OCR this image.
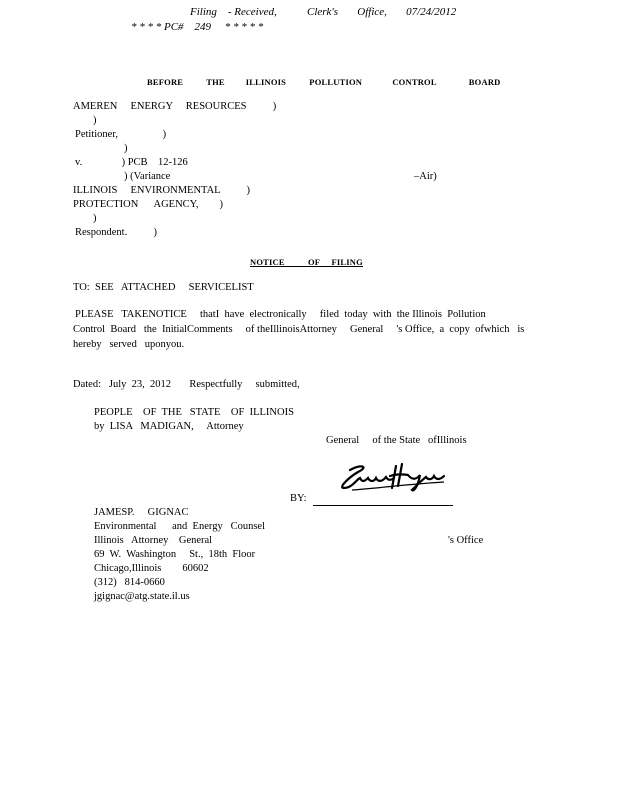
Filing    - Received,           Clerk's       Office,       07/24/2012
* * * * PC#    249     * * * * *
BEFORE          THE         ILLINOIS          POLLUTION             CONTROL              BOARD
AMEREN     ENERGY     RESOURCES          )
)
Petitioner,                 )
)
v.               ) PCB    12-126
) (Variance	–Air)
ILLINOIS     ENVIRONMENTAL          )
PROTECTION      AGENCY,        )
)
Respondent.          )
NOTICE          OF     FILING
TO:  SEE   ATTACHED     SERVICELIST
PLEASE   TAKENOTICE     thatI  have  electronically     filed  today  with  the Illinois  Pollution
Control  Board   the  InitialComments     of theIllinoisAttorney     General     's Office,  a  copy  ofwhich   is
hereby   served   uponyou.
Dated:   July  23,  2012       Respectfully     submitted,
PEOPLE    OF  THE   STATE    OF  ILLINOIS
by  LISA   MADIGAN,     Attorney
General     of the State   ofIllinois
BY:
JAMESP.     GIGNAC
Environmental      and  Energy   Counsel
Illinois   Attorney    General	's Office
69  W.  Washington     St.,  18th  Floor
Chicago,Illinois        60602
(312)   814-0660
jgignac@atg.state.il.us
